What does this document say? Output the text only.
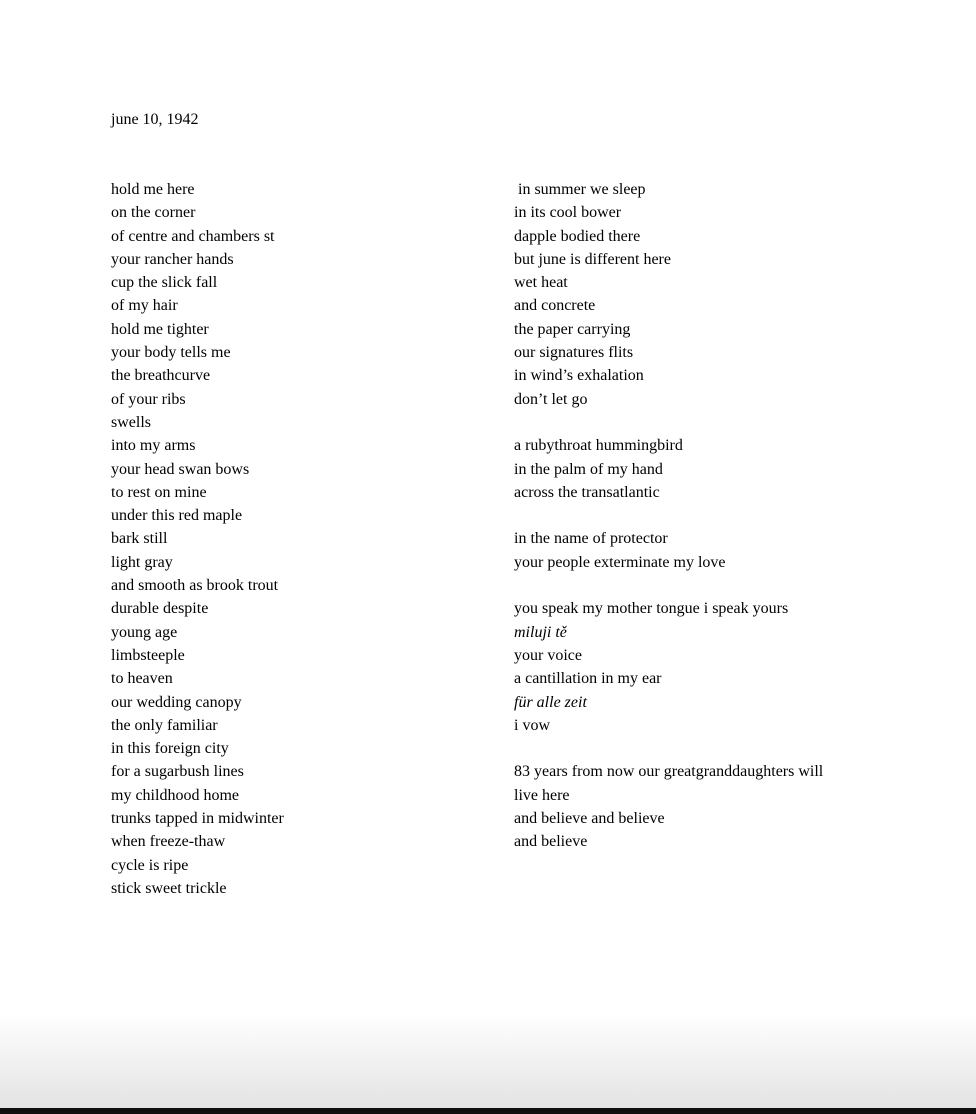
june 10, 1942
hold me here
on the corner
of centre and chambers st
your rancher hands
cup the slick fall
of my hair
hold me tighter
your body tells me
the breathcurve
of your ribs
swells
into my arms
your head swan bows
to rest on mine
under this red maple
bark still
light gray
and smooth as brook trout
durable despite
young age
limbsteeple
to heaven
our wedding canopy
the only familiar
in this foreign city
for a sugarbush lines
my childhood home
trunks tapped in midwinter
when freeze-thaw
cycle is ripe
stick sweet trickle
in summer we sleep
in its cool bower
dapple bodied there
but june is different here
wet heat
and concrete
the paper carrying
our signatures flits
in wind’s exhalation
don’t let go

a rubythroat hummingbird
in the palm of my hand
across the transatlantic

in the name of protector
your people exterminate my love

you speak my mother tongue i speak yours
miluji tě
your voice
a cantillation in my ear
für alle zeit
i vow

83 years from now our greatgranddaughters will
live here
and believe and believe
and believe
